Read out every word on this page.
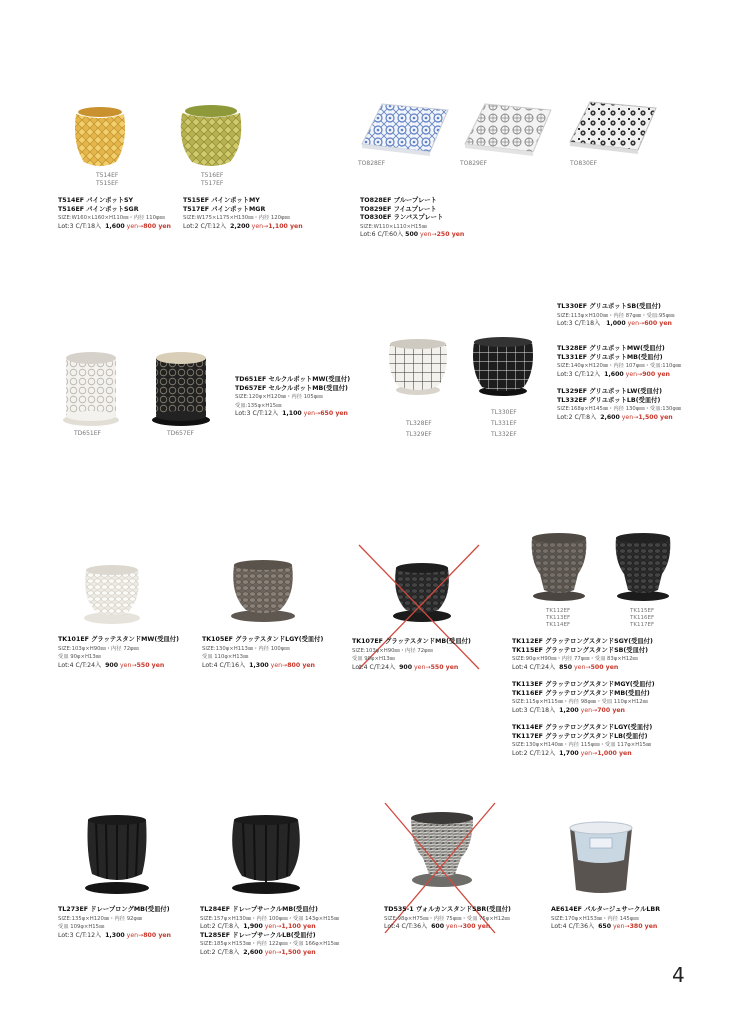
T514EF
T515EF
T516EF
T517EF
TO828EF	TO829EF	TO830EF
T514EF パインポットSY
T516EF パインポットSGR
SIZE:W160×L160×H110㎜・内径 110φ㎜
Lot:3 C/T:18入 1,600 yen→800 yen
T515EF パインポットMY
T517EF パインポットMGR
SIZE:W175×L175×H130㎜・内径 120φ㎜
Lot:2 C/T:12入 2,200 yen→1,100 yen
TO828EF ブループレート
TO829EF フイユプレート
TO830EF ランバスプレート
SIZE:W110×L110×H15㎜
Lot:6 C/T:60入 500 yen→250 yen
TD651EF	TD657EF
TD651EF セルクルポットMW(受皿付)
TD657EF セルクルポットMB(受皿付)
SIZE:120φ×H120㎜・内径 105φ㎜
受皿:135φ×H15㎜
Lot:3 C/T:12入 1,100 yen→650 yen
TL328EF
TL329EF
TL330EF
TL331EF
TL332EF
TL330EF グリユポットSB(受皿付)
SIZE:113φ×H100㎜・内径 87φ㎜・受皿:95φ㎜
Lot:3 C/T:18入 1,000 yen→600 yen
TL328EF グリユポットMW(受皿付)
TL331EF グリユポットMB(受皿付)
SIZE:140φ×H120㎜・内径 107φ㎜・受皿:110φ㎜
Lot:3 C/T:12入 1,600 yen→900 yen
TL329EF グリユポットLW(受皿付)
TL332EF グリユポットLB(受皿付)
SIZE:168φ×H145㎜・内径 130φ㎜・受皿:130φ㎜
Lot:2 C/T:8入 2,600 yen→1,500 yen
TK112EF
TK113EF
TK114EF
TK115EF
TK116EF
TK117EF
TK101EF グラッテスタンドMW(受皿付)
SIZE:103φ×H90㎜・内径 72φ㎜
受皿 90φ×H13㎜
Lot:4 C/T:24入 900 yen→550 yen
TK105EF グラッテスタンドLGY(受皿付)
SIZE:130φ×H113㎜・内径 100φ㎜
受皿 110φ×H13㎜
Lot:4 C/T:16入 1,300 yen→800 yen
TK107EF グラッテスタンドMB(受皿付)
SIZE:103φ×H90㎜・内径 72φ㎜
受皿 90φ×H13㎜
Lot:4 C/T:24入 900 yen→550 yen
TK112EF グラッテロングスタンドSGY(受皿付)
TK115EF グラッテロングスタンドSB(受皿付)
SIZE:90φ×H90㎜・内径 77φ㎜・受皿 83φ×H12㎜
Lot:4 C/T:24入 850 yen→500 yen
TK113EF グラッテロングスタンドMGY(受皿付)
TK116EF グラッテロングスタンドMB(受皿付)
SIZE:115φ×H115㎜・内径 98φ㎜・受皿 110φ×H12㎜
Lot:3 C/T:18入 1,200 yen→700 yen
TK114EF グラッテロングスタンドLGY(受皿付)
TK117EF グラッテロングスタンドLB(受皿付)
SIZE:130φ×H140㎜・内径 115φ㎜・受皿 117φ×H15㎜
Lot:2 C/T:12入 1,700 yen→1,000 yen
TL273EF ドレープロングMB(受皿付)
SIZE:135φ×H120㎜・内径 92φ㎜
受皿 109φ×H15㎜
Lot:3 C/T:12入 1,300 yen→800 yen
TL284EF ドレープサークルMB(受皿付)
SIZE:157φ×H130㎜・内径 100φ㎜・受皿 143φ×H15㎜
Lot:2 C/T:8入 1,900 yen→1,100 yen
TL285EF ドレープサークルLB(受皿付)
SIZE:185φ×H153㎜・内径 122φ㎜・受皿 166φ×H15㎜
Lot:2 C/T:8入 2,600 yen→1,500 yen
TD535-1 ヴォルカンスタンドSBR(受皿付)
SIZE:98φ×H75㎜・内径 75φ㎜・受皿 75φ×H12㎜
Lot:4 C/T:36入 600 yen→300 yen
AE614EF パルタージュサークルLBR
SIZE:170φ×H153㎜・内径 145φ㎜
Lot:4 C/T:36入 650 yen→380 yen
4
